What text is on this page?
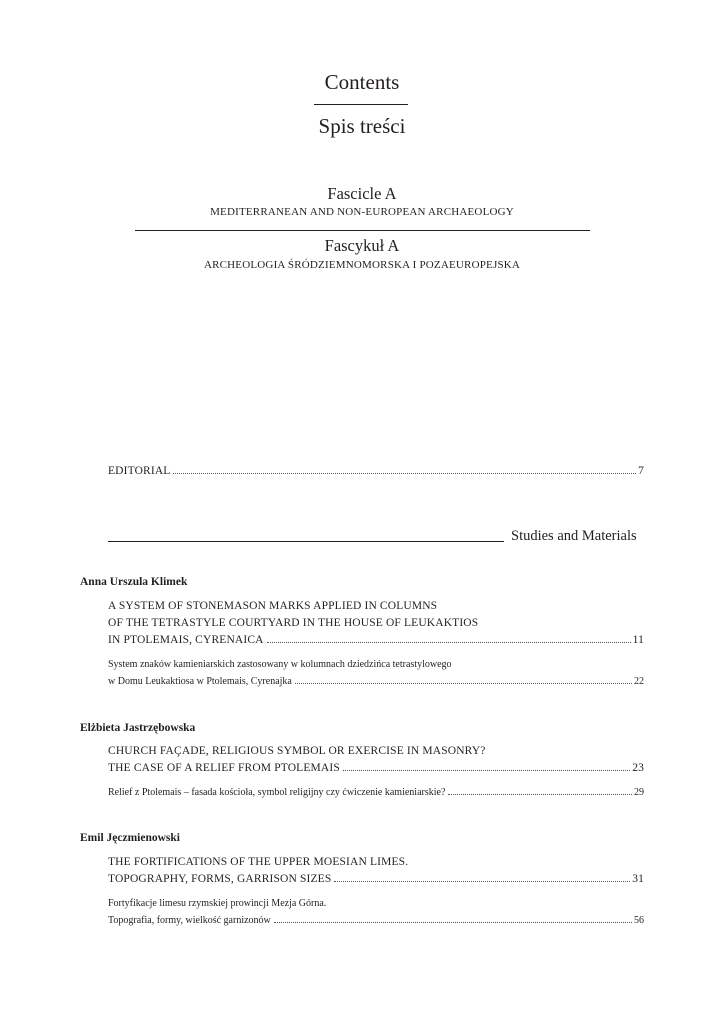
Contents
Spis treści
Fascicle A
MEDITERRANEAN AND NON-EUROPEAN ARCHAEOLOGY
Fascykuł A
ARCHEOLOGIA ŚRÓDZIEMNOMORSKA I POZAEUROPEJSKA
EDITORIAL	7
Studies and Materials
Anna Urszula Klimek
A SYSTEM OF STONEMASON MARKS APPLIED IN COLUMNS
OF THE TETRASTYLE COURTYARD IN THE HOUSE OF LEUKAKTIOS
IN PTOLEMAIS, CYRENAICA	11
System znaków kamieniarskich zastosowany w kolumnach dziedzińca tetrastylowego
w Domu Leukaktiosa w Ptolemais, Cyrenajka	22
Elżbieta Jastrzębowska
CHURCH FAÇADE, RELIGIOUS SYMBOL OR EXERCISE IN MASONRY?
THE CASE OF A RELIEF FROM PTOLEMAIS	23
Relief z Ptolemais – fasada kościoła, symbol religijny czy ćwiczenie kamieniarskie?	29
Emil Jęczmienowski
THE FORTIFICATIONS OF THE UPPER MOESIAN LIMES.
TOPOGRAPHY, FORMS, GARRISON SIZES	31
Fortyfikacje limesu rzymskiej prowincji Mezja Górna.
Topografia, formy, wielkość garnizonów	56
